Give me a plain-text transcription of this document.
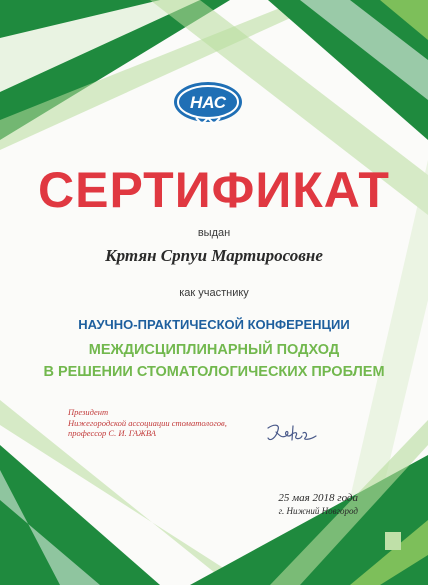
НАС
СЕРТИФИКАТ
выдан
Кртян Српуи Мартиросовне
как участнику
НАУЧНО-ПРАКТИЧЕСКОЙ КОНФЕРЕНЦИИ
МЕЖДИСЦИПЛИНАРНЫЙ ПОДХОД
В РЕШЕНИИ СТОМАТОЛОГИЧЕСКИХ ПРОБЛЕМ
Президент
Нижегородской ассоциации стоматологов,
профессор С. И. ГАЖВА
25 мая 2018 года
г. Нижний Новгород
